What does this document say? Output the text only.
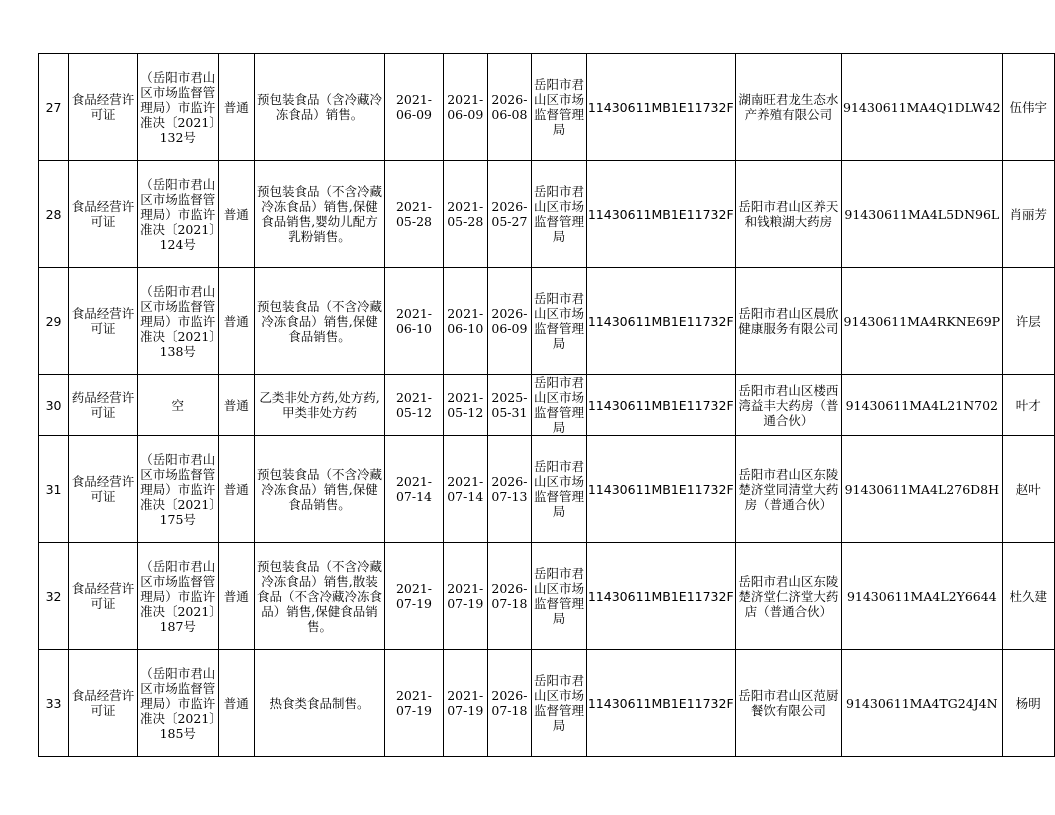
27	食品经营许可证	（岳阳市君山区市场监督管理局）市监许准决〔2021〕132号	普通	预包装食品（含冷藏冷冻食品）销售。	2021-06-09	2021-06-09	2026-06-08	岳阳市君山区市场监督管理局	11430611MB1E11732F	湖南旺君龙生态水产养殖有限公司	91430611MA4Q1DLW42	伍伟宇

28	食品经营许可证	（岳阳市君山区市场监督管理局）市监许准决〔2021〕124号	普通	预包装食品（不含冷藏冷冻食品）销售,保健食品销售,婴幼儿配方乳粉销售。	2021-05-28	2021-05-28	2026-05-27	岳阳市君山区市场监督管理局	11430611MB1E11732F	岳阳市君山区养天和钱粮湖大药房	91430611MA4L5DN96L	肖丽芳

29	食品经营许可证	（岳阳市君山区市场监督管理局）市监许准决〔2021〕138号	普通	预包装食品（不含冷藏冷冻食品）销售,保健食品销售。	2021-06-10	2021-06-10	2026-06-09	岳阳市君山区市场监督管理局	11430611MB1E11732F	岳阳市君山区晨欣健康服务有限公司	91430611MA4RKNE69P	许层

30	药品经营许可证	空	普通	乙类非处方药,处方药,甲类非处方药	2021-05-12	2021-05-12	2025-05-31	岳阳市君山区市场监督管理局	11430611MB1E11732F	岳阳市君山区楼西湾益丰大药房（普通合伙）	91430611MA4L21N702	叶才

31	食品经营许可证	（岳阳市君山区市场监督管理局）市监许准决〔2021〕175号	普通	预包装食品（不含冷藏冷冻食品）销售,保健食品销售。	2021-07-14	2021-07-14	2026-07-13	岳阳市君山区市场监督管理局	11430611MB1E11732F	岳阳市君山区东陵楚济堂同清堂大药房（普通合伙）	91430611MA4L276D8H	赵叶

32	食品经营许可证	（岳阳市君山区市场监督管理局）市监许准决〔2021〕187号	普通	预包装食品（不含冷藏冷冻食品）销售,散装食品（不含冷藏冷冻食品）销售,保健食品销售。	2021-07-19	2021-07-19	2026-07-18	岳阳市君山区市场监督管理局	11430611MB1E11732F	岳阳市君山区东陵楚济堂仁济堂大药店（普通合伙）	91430611MA4L2Y6644	杜久建

33	食品经营许可证	（岳阳市君山区市场监督管理局）市监许准决〔2021〕185号	普通	热食类食品制售。	2021-07-19	2021-07-19	2026-07-18	岳阳市君山区市场监督管理局	11430611MB1E11732F	岳阳市君山区范厨餐饮有限公司	91430611MA4TG24J4N	杨明
